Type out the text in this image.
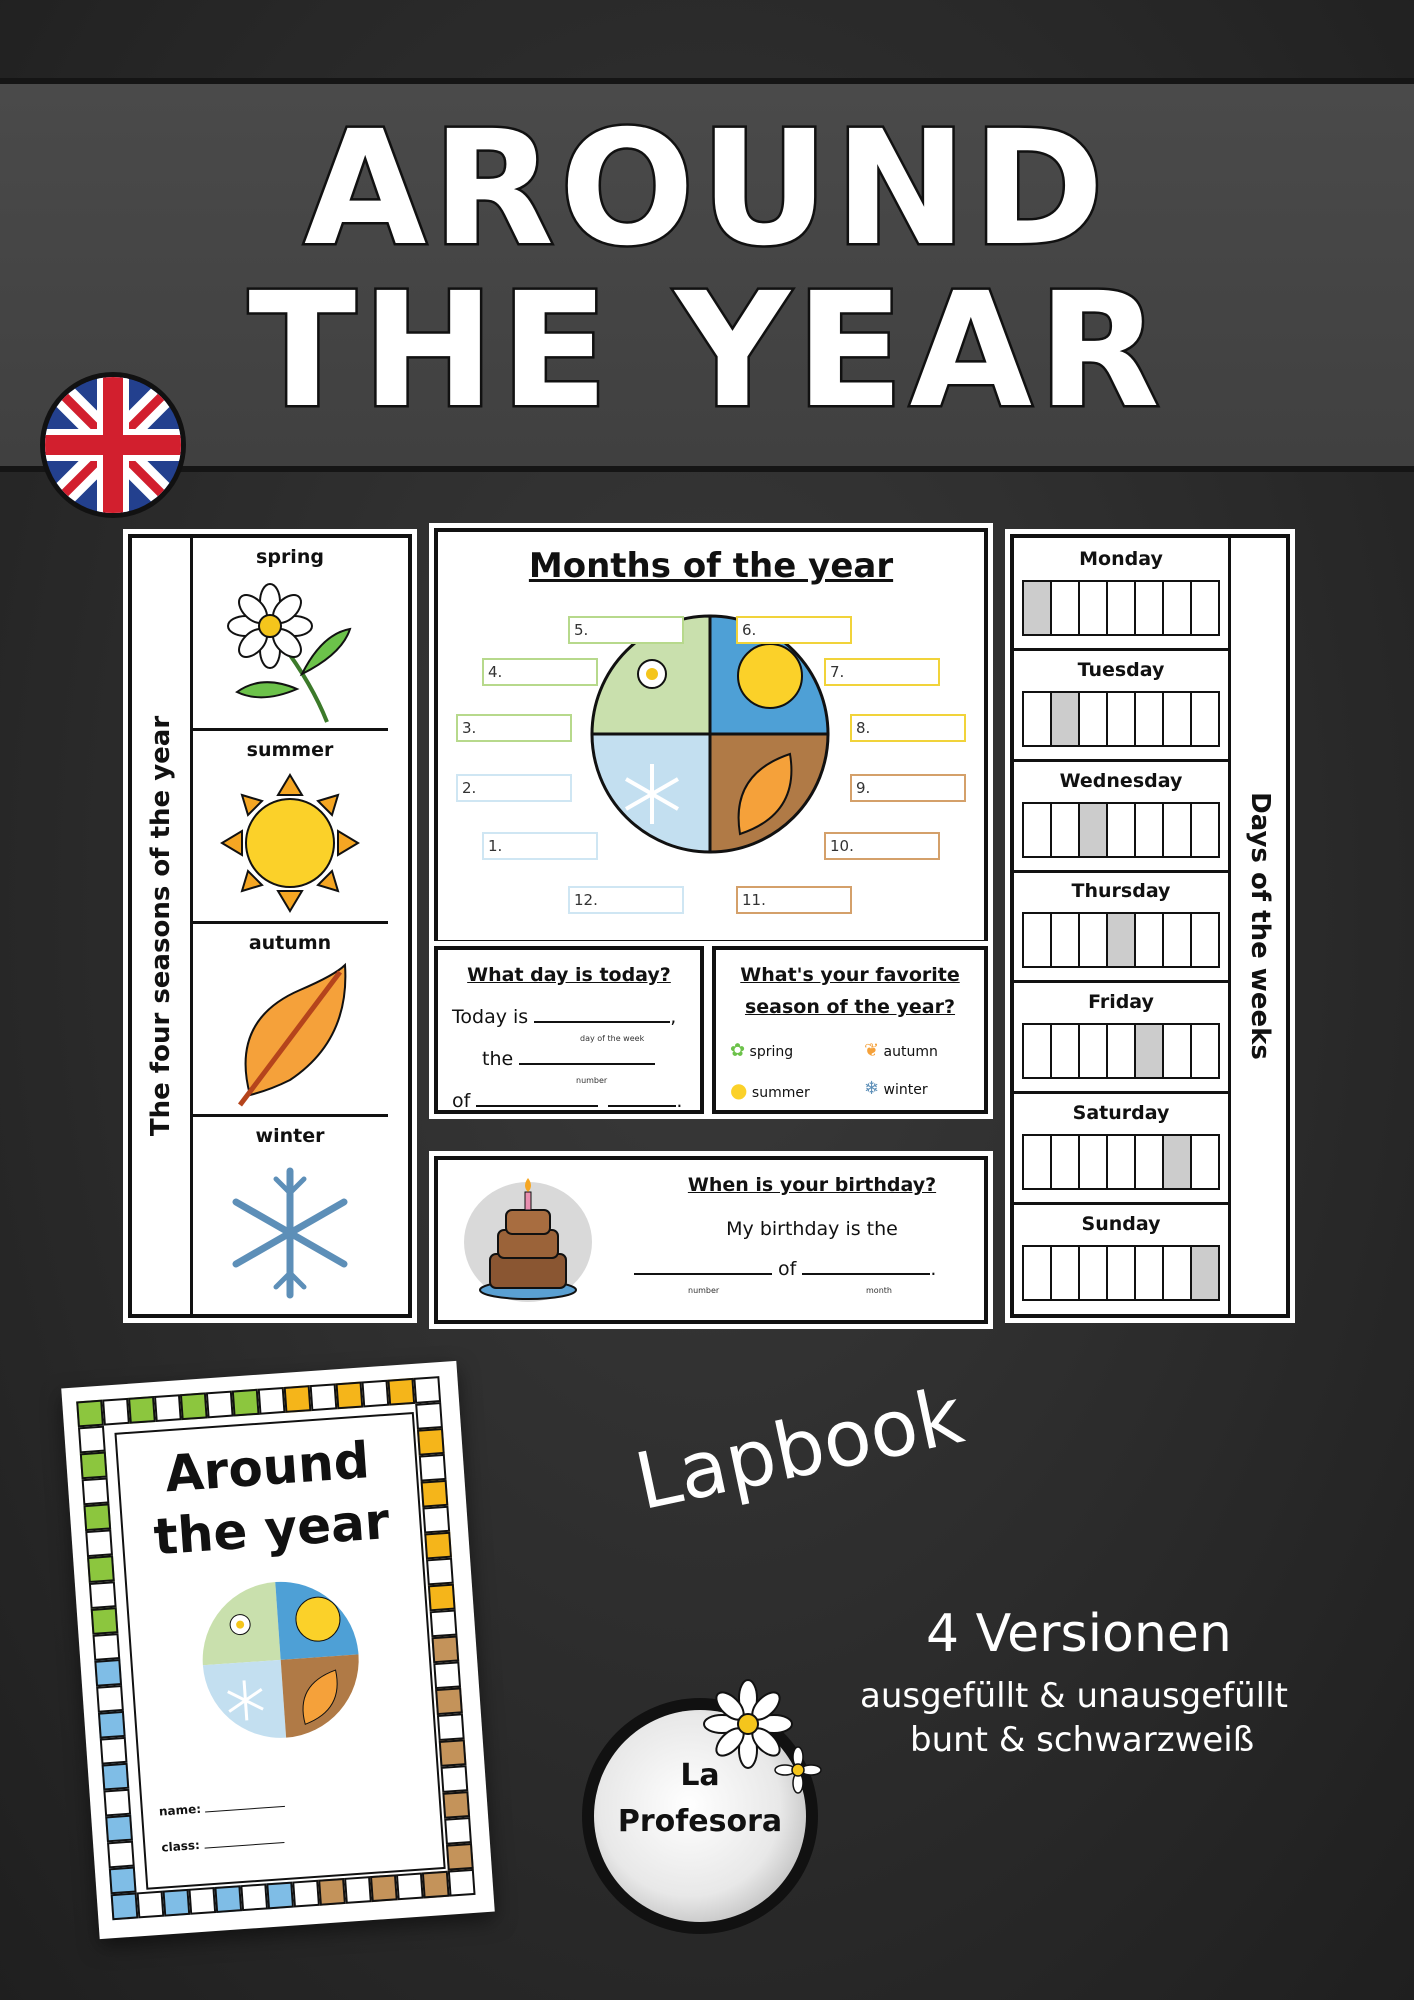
AROUND
THE YEAR
The four seasons of the year
spring
summer
autumn
winter
Months of the year
5.	6.
4.	7.
3.	8.
2.	9.
1.	10.
12.	11.
What day is today?
Today is	,
day of the week
the
number
of	.
What's your favorite
season of the year?
✿ spring	❦ autumn
● summer	❄ winter
When is your birthday?
My birthday is the
of	.
number	month
Days of the weeks
Monday
Tuesday
Wednesday
Thursday
Friday
Saturday
Sunday
Around
the year
name:
class:
Lapbook
4 Versionen
ausgefüllt & unausgefüllt
bunt & schwarzweiß
La
Profesora
